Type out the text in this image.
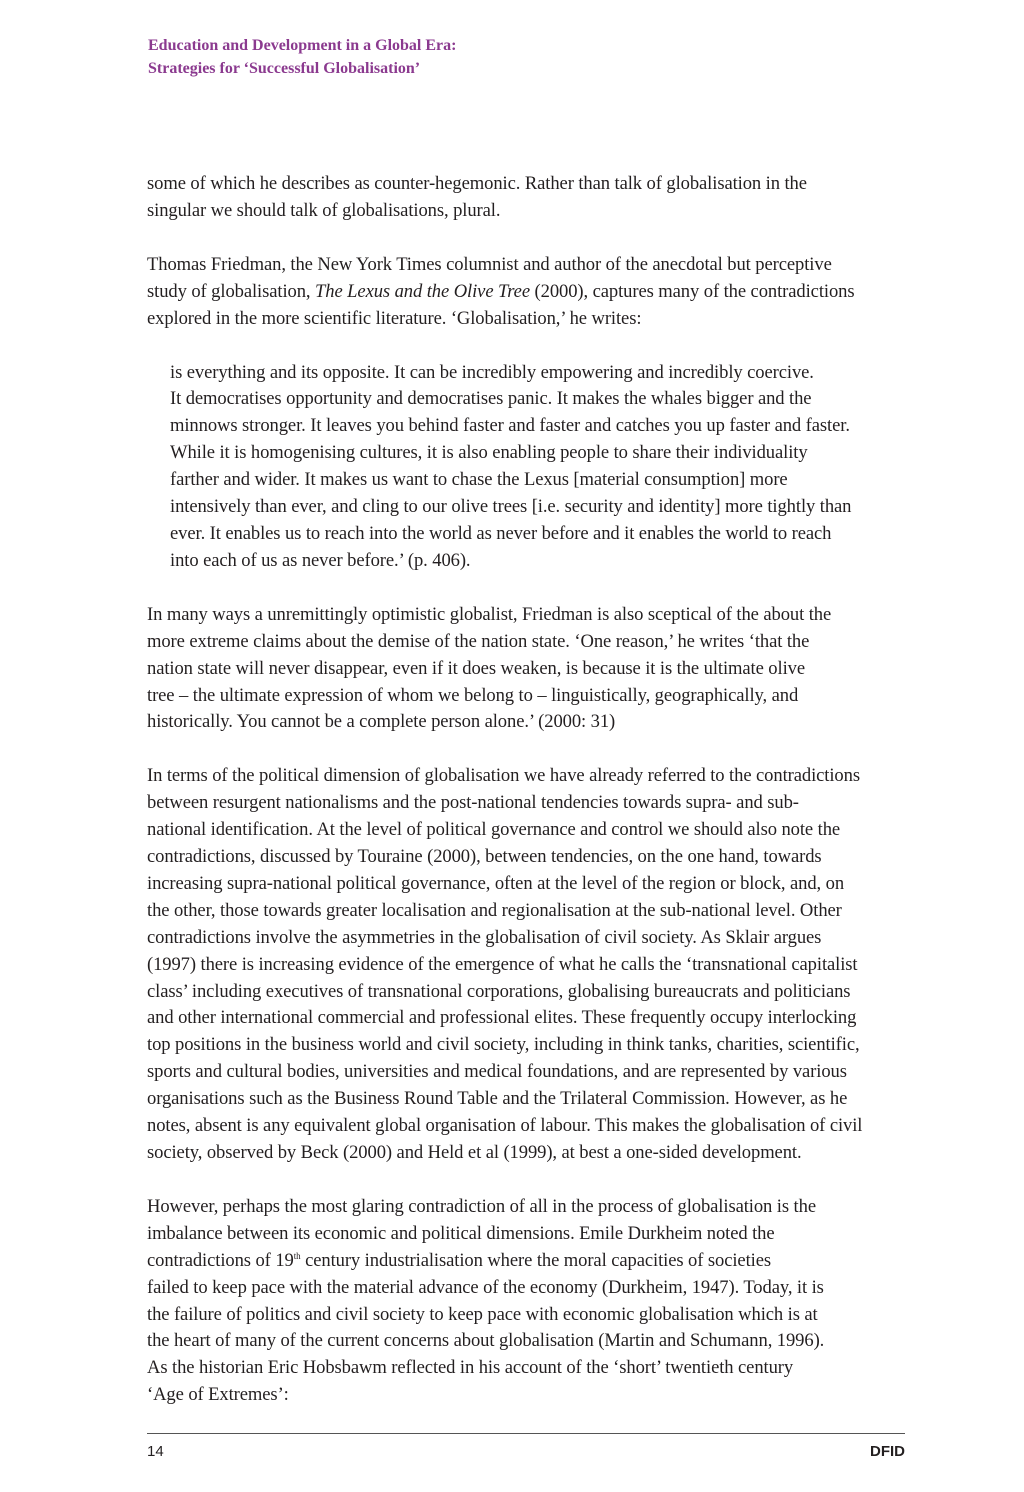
Education and Development in a Global Era:
Strategies for ‘Successful Globalisation’
some of which he describes as counter-hegemonic. Rather than talk of globalisation in the
singular we should talk of globalisations, plural.
Thomas Friedman, the New York Times columnist and author of the anecdotal but perceptive
study of globalisation, The Lexus and the Olive Tree (2000), captures many of the contradictions
explored in the more scientific literature. ‘Globalisation,’ he writes:
is everything and its opposite. It can be incredibly empowering and incredibly coercive.
It democratises opportunity and democratises panic. It makes the whales bigger and the
minnows stronger. It leaves you behind faster and faster and catches you up faster and faster.
While it is homogenising cultures, it is also enabling people to share their individuality
farther and wider. It makes us want to chase the Lexus [material consumption] more
intensively than ever, and cling to our olive trees [i.e. security and identity] more tightly than
ever. It enables us to reach into the world as never before and it enables the world to reach
into each of us as never before.’ (p. 406).
In many ways a unremittingly optimistic globalist, Friedman is also sceptical of the about the
more extreme claims about the demise of the nation state. ‘One reason,’ he writes ‘that the
nation state will never disappear, even if it does weaken, is because it is the ultimate olive
tree – the ultimate expression of whom we belong to – linguistically, geographically, and
historically. You cannot be a complete person alone.’ (2000: 31)
In terms of the political dimension of globalisation we have already referred to the contradictions
between resurgent nationalisms and the post-national tendencies towards supra- and sub-
national identification. At the level of political governance and control we should also note the
contradictions, discussed by Touraine (2000), between tendencies, on the one hand, towards
increasing supra-national political governance, often at the level of the region or block, and, on
the other, those towards greater localisation and regionalisation at the sub-national level. Other
contradictions involve the asymmetries in the globalisation of civil society. As Sklair argues
(1997) there is increasing evidence of the emergence of what he calls the ‘transnational capitalist
class’ including executives of transnational corporations, globalising bureaucrats and politicians
and other international commercial and professional elites. These frequently occupy interlocking
top positions in the business world and civil society, including in think tanks, charities, scientific,
sports and cultural bodies, universities and medical foundations, and are represented by various
organisations such as the Business Round Table and the Trilateral Commission. However, as he
notes, absent is any equivalent global organisation of labour. This makes the globalisation of civil
society, observed by Beck (2000) and Held et al (1999), at best a one-sided development.
However, perhaps the most glaring contradiction of all in the process of globalisation is the
imbalance between its economic and political dimensions. Emile Durkheim noted the
contradictions of 19th century industrialisation where the moral capacities of societies
failed to keep pace with the material advance of the economy (Durkheim, 1947). Today, it is
the failure of politics and civil society to keep pace with economic globalisation which is at
the heart of many of the current concerns about globalisation (Martin and Schumann, 1996).
As the historian Eric Hobsbawm reflected in his account of the ‘short’ twentieth century
‘Age of Extremes’:
14	DFID
